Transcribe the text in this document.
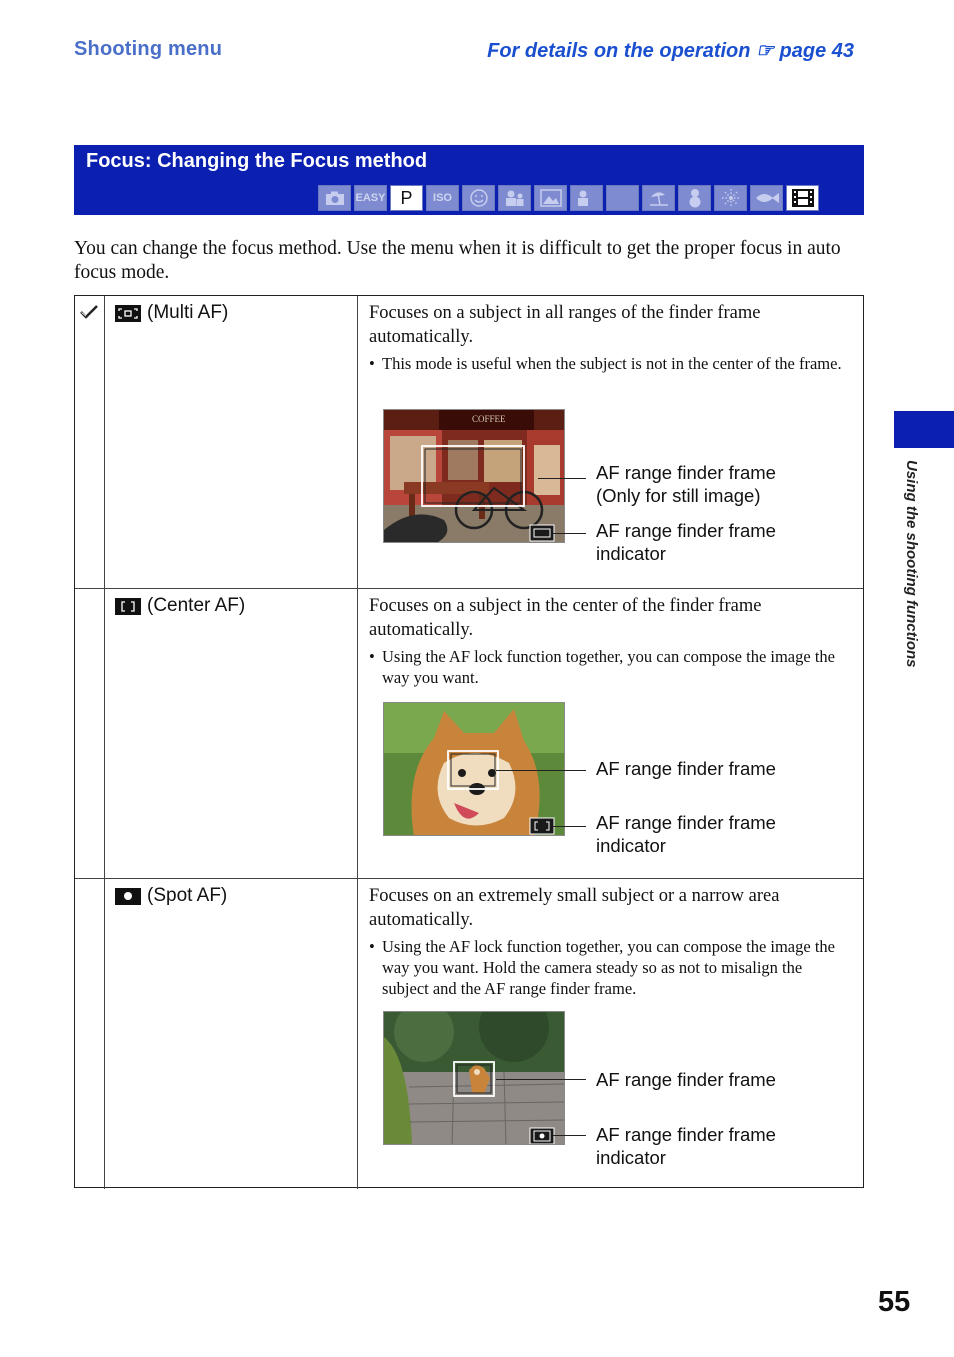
Shooting menu	For details on the operation ☞ page 43
Focus: Changing the Focus method
EASY P	ISO
You can change the focus method. Use the menu when it is difficult to get the proper focus in auto focus mode.
(Multi AF)	Focuses on a subject in all ranges of the finder frame automatically.
• This mode is useful when the subject is not in the center of the frame.
COFFEE
AF range finder frame
(Only for still image)
AF range finder frame
indicator
(Center AF)	Focuses on a subject in the center of the finder frame automatically.
• Using the AF lock function together, you can compose the image the way you want.
AF range finder frame
AF range finder frame
indicator
(Spot AF)	Focuses on an extremely small subject or a narrow area automatically.
• Using the AF lock function together, you can compose the image the way you want. Hold the camera steady so as not to misalign the subject and the AF range finder frame.
AF range finder frame
AF range finder frame
indicator
Using the shooting functions
55
